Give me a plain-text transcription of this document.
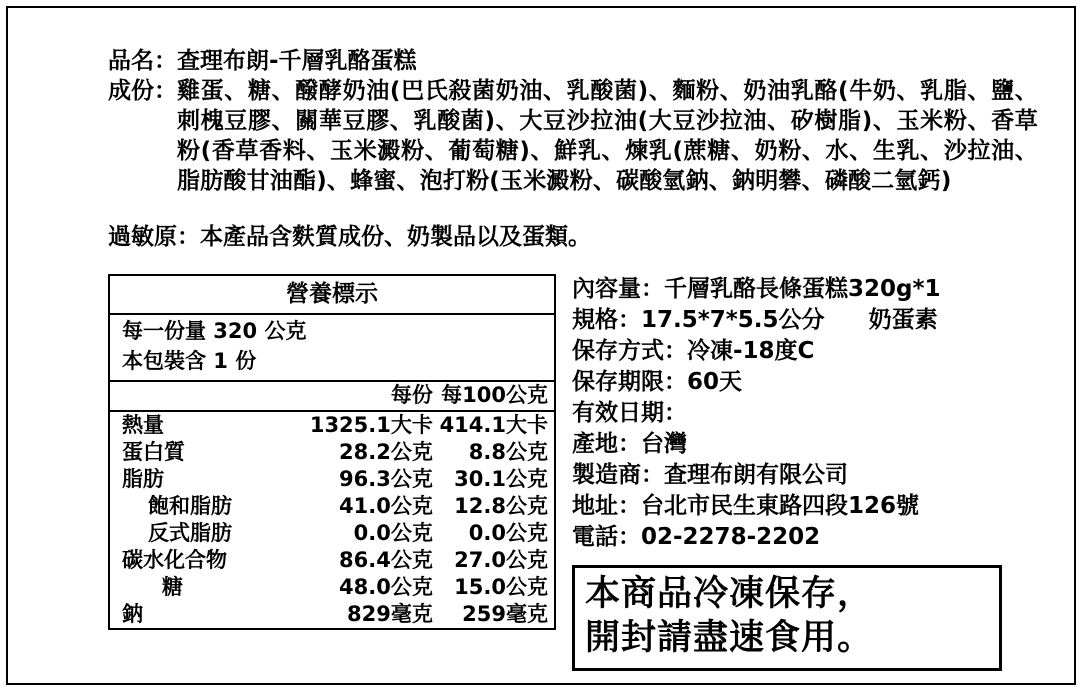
品名： 查理布朗-千層乳酪蛋糕
成份： 雞蛋、糖、醱酵奶油(巴氏殺菌奶油、乳酸菌)、麵粉、奶油乳酪(牛奶、乳脂、鹽、刺槐豆膠、關華豆膠、乳酸菌)、大豆沙拉油(大豆沙拉油、矽樹脂)、玉米粉、香草粉(香草香料、玉米澱粉、葡萄糖)、鮮乳、煉乳(蔗糖、奶粉、水、生乳、沙拉油、脂肪酸甘油酯)、蜂蜜、泡打粉(玉米澱粉、碳酸氫鈉、鈉明礬、磷酸二氫鈣)
過敏原：本產品含麩質成份、奶製品以及蛋類。
營養標示
每一份量 320 公克
本包裝含 1 份
	每份	每100公克

熱量	1325.1大卡	414.1大卡
蛋白質	28.2公克	8.8公克
脂肪	96.3公克	30.1公克
飽和脂肪	41.0公克	12.8公克
反式脂肪	0.0公克	0.0公克
碳水化合物	86.4公克	27.0公克
糖	48.0公克	15.0公克
鈉	829毫克	259毫克
內容量：千層乳酪長條蛋糕320g*1
規格：17.5*7*5.5公分 奶蛋素
保存方式：冷凍-18度C
保存期限：60天
有效日期：
產地：台灣
製造商：查理布朗有限公司
地址：台北市民生東路四段126號
電話：02-2278-2202
本商品冷凍保存，
開封請盡速食用。
